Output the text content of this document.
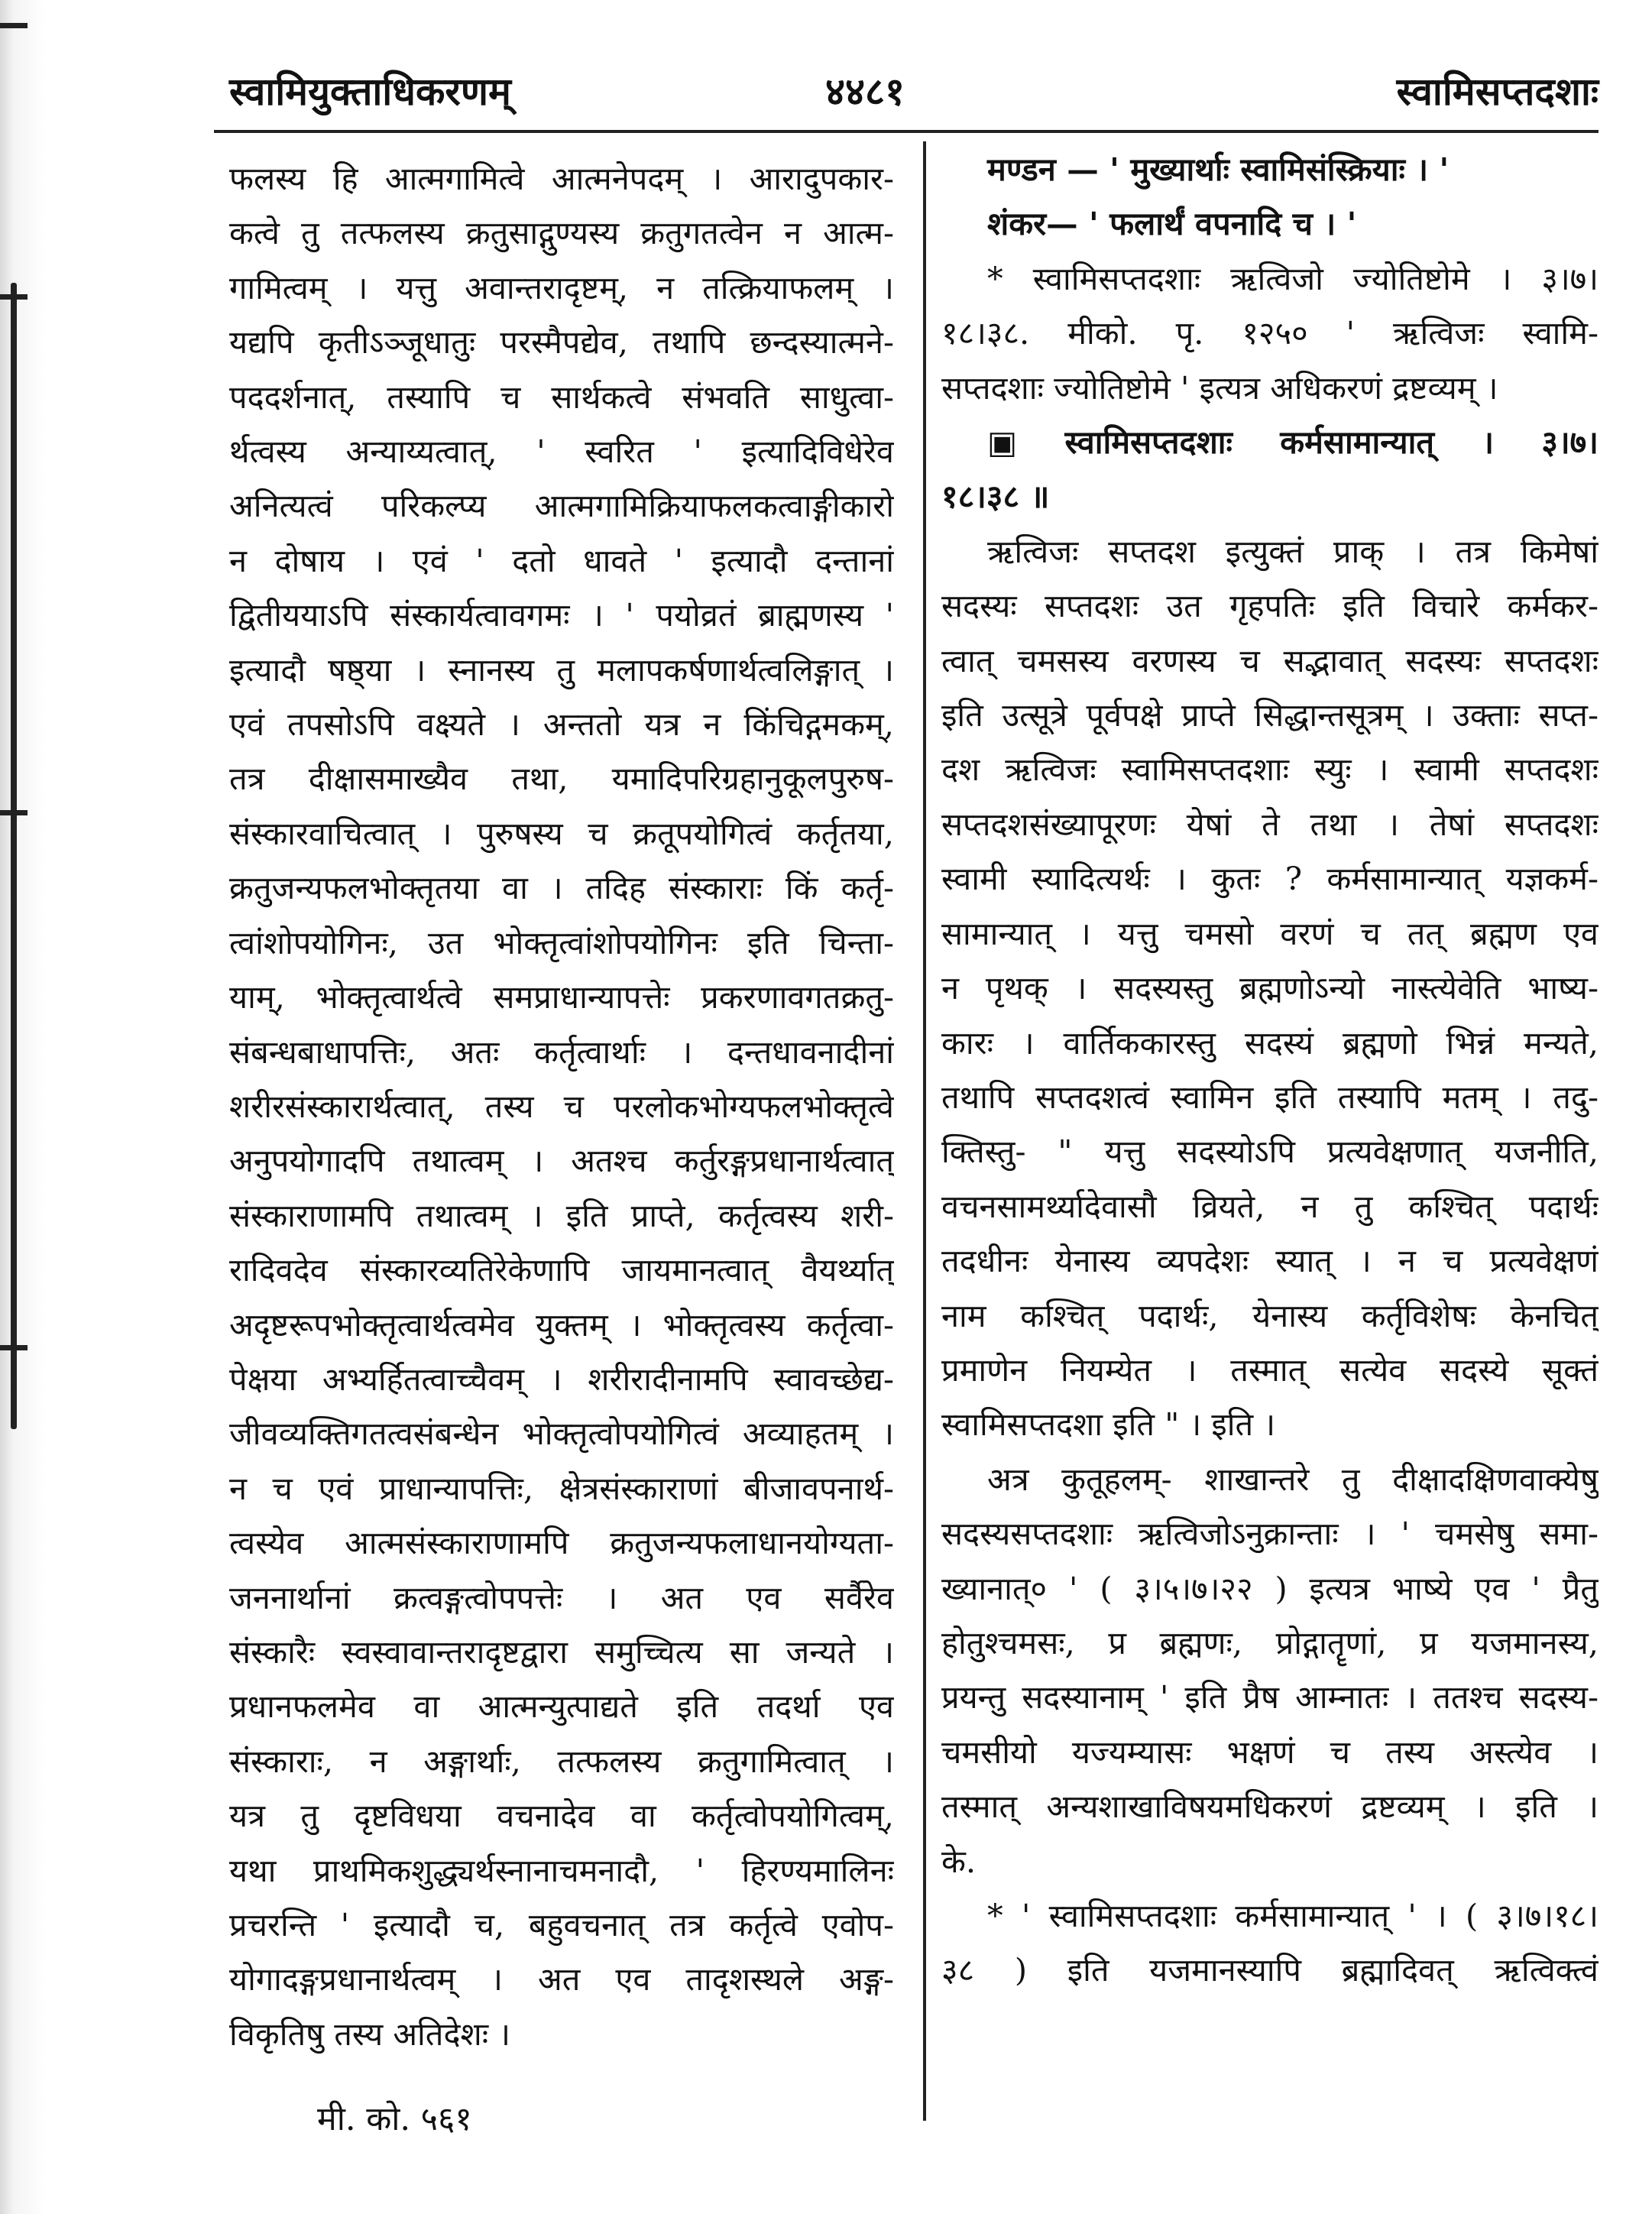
स्वामियुक्ताधिकरणम्	४४८१	स्वामिसप्तदशाः
फलस्य हि आत्मगामित्वे आत्मनेपदम् । आरादुपकार-
कत्वे तु तत्फलस्य क्रतुसाद्गुण्यस्य क्रतुगतत्वेन न आत्म-
गामित्वम् । यत्तु अवान्तरादृष्टम्, न तत्क्रियाफलम् ।
यद्यपि कृतीऽञ्जूधातुः परस्मैपद्येव, तथापि छन्दस्यात्मने-
पददर्शनात्, तस्यापि च सार्थकत्वे संभवति साधुत्वा-
र्थत्वस्य अन्याय्यत्वात्, ' स्वरित ' इत्यादिविधेरेव
अनित्यत्वं परिकल्प्य आत्मगामिक्रियाफलकत्वाङ्गीकारो
न दोषाय । एवं ' दतो धावते ' इत्यादौ दन्तानां
द्वितीययाऽपि संस्कार्यत्वावगमः । ' पयोव्रतं ब्राह्मणस्य '
इत्यादौ षष्ठ्या । स्नानस्य तु मलापकर्षणार्थत्वलिङ्गात् ।
एवं तपसोऽपि वक्ष्यते । अन्ततो यत्र न किंचिद्गमकम्,
तत्र दीक्षासमाख्यैव तथा, यमादिपरिग्रहानुकूलपुरुष-
संस्कारवाचित्वात् । पुरुषस्य च क्रतूपयोगित्वं कर्तृतया,
क्रतुजन्यफलभोक्तृतया वा । तदिह संस्काराः किं कर्तृ-
त्वांशोपयोगिनः, उत भोक्तृत्वांशोपयोगिनः इति चिन्ता-
याम्, भोक्तृत्वार्थत्वे समप्राधान्यापत्तेः प्रकरणावगतक्रतु-
संबन्धबाधापत्तिः, अतः कर्तृत्वार्थाः । दन्तधावनादीनां
शरीरसंस्कारार्थत्वात्, तस्य च परलोकभोग्यफलभोक्तृत्वे
अनुपयोगादपि तथात्वम् । अतश्च कर्तुरङ्गप्रधानार्थत्वात्
संस्काराणामपि तथात्वम् । इति प्राप्ते, कर्तृत्वस्य शरी-
रादिवदेव संस्कारव्यतिरेकेणापि जायमानत्वात् वैयर्थ्यात्
अदृष्टरूपभोक्तृत्वार्थत्वमेव युक्तम् । भोक्तृत्वस्य कर्तृत्वा-
पेक्षया अभ्यर्हितत्वाच्चैवम् । शरीरादीनामपि स्वावच्छेद्य-
जीवव्यक्तिगतत्वसंबन्धेन भोक्तृत्वोपयोगित्वं अव्याहतम् ।
न च एवं प्राधान्यापत्तिः, क्षेत्रसंस्काराणां बीजावपनार्थ-
त्वस्येव आत्मसंस्काराणामपि क्रतुजन्यफलाधानयोग्यता-
जननार्थानां क्रत्वङ्गत्वोपपत्तेः । अत एव सर्वैरेव
संस्कारैः स्वस्वावान्तरादृष्टद्वारा समुच्चित्य सा जन्यते ।
प्रधानफलमेव वा आत्मन्युत्पाद्यते इति तदर्था एव
संस्काराः, न अङ्गार्थाः, तत्फलस्य क्रतुगामित्वात् ।
यत्र तु दृष्टविधया वचनादेव वा कर्तृत्वोपयोगित्वम्,
यथा प्राथमिकशुद्ध्यर्थस्नानाचमनादौ, ' हिरण्यमालिनः
प्रचरन्ति ' इत्यादौ च, बहुवचनात् तत्र कर्तृत्वे एवोप-
योगादङ्गप्रधानार्थत्वम् । अत एव तादृशस्थले अङ्ग-
विकृतिषु तस्य अतिदेशः ।
मण्डन — ' मुख्यार्थाः स्वामिसंस्क्रियाः । '
शंकर— ' फलार्थं वपनादि च । '
* स्वामिसप्तदशाः ऋत्विजो ज्योतिष्टोमे । ३।७।
१८।३८. मीको. पृ. १२५० ' ऋत्विजः स्वामि-
सप्तदशाः ज्योतिष्टोमे ' इत्यत्र अधिकरणं द्रष्टव्यम् ।
▣ स्वामिसप्तदशाः कर्मसामान्यात् । ३।७।
१८।३८ ॥
ऋत्विजः सप्तदश इत्युक्तं प्राक् । तत्र किमेषां
सदस्यः सप्तदशः उत गृहपतिः इति विचारे कर्मकर-
त्वात् चमसस्य वरणस्य च सद्भावात् सदस्यः सप्तदशः
इति उत्सूत्रे पूर्वपक्षे प्राप्ते सिद्धान्तसूत्रम् । उक्ताः सप्त-
दश ऋत्विजः स्वामिसप्तदशाः स्युः । स्वामी सप्तदशः
सप्तदशसंख्यापूरणः येषां ते तथा । तेषां सप्तदशः
स्वामी स्यादित्यर्थः । कुतः ? कर्मसामान्यात् यज्ञकर्म-
सामान्यात् । यत्तु चमसो वरणं च तत् ब्रह्मण एव
न पृथक् । सदस्यस्तु ब्रह्मणोऽन्यो नास्त्येवेति भाष्य-
कारः । वार्तिककारस्तु सदस्यं ब्रह्मणो भिन्नं मन्यते,
तथापि सप्तदशत्वं स्वामिन इति तस्यापि मतम् । तदु-
क्तिस्तु- " यत्तु सदस्योऽपि प्रत्यवेक्षणात् यजनीति,
वचनसामर्थ्यादेवासौ व्रियते, न तु कश्चित् पदार्थः
तदधीनः येनास्य व्यपदेशः स्यात् । न च प्रत्यवेक्षणं
नाम कश्चित् पदार्थः, येनास्य कर्तृविशेषः केनचित्
प्रमाणेन नियम्येत । तस्मात् सत्येव सदस्ये सूक्तं
स्वामिसप्तदशा इति " । इति ।
अत्र कुतूहलम्- शाखान्तरे तु दीक्षादक्षिणवाक्येषु
सदस्यसप्तदशाः ऋत्विजोऽनुक्रान्ताः । ' चमसेषु समा-
ख्यानात्० ' ( ३।५।७।२२ ) इत्यत्र भाष्ये एव ' प्रैतु
होतुश्चमसः, प्र ब्रह्मणः, प्रोद्गातॄणां, प्र यजमानस्य,
प्रयन्तु सदस्यानाम् ' इति प्रैष आम्नातः । ततश्च सदस्य-
चमसीयो यज्यम्यासः भक्षणं च तस्य अस्त्येव ।
तस्मात् अन्यशाखाविषयमधिकरणं द्रष्टव्यम् । इति ।
के.
* ' स्वामिसप्तदशाः कर्मसामान्यात् ' । ( ३।७।१८।
३८ ) इति यजमानस्यापि ब्रह्मादिवत् ऋत्विक्त्वं
मी. को. ५६१
